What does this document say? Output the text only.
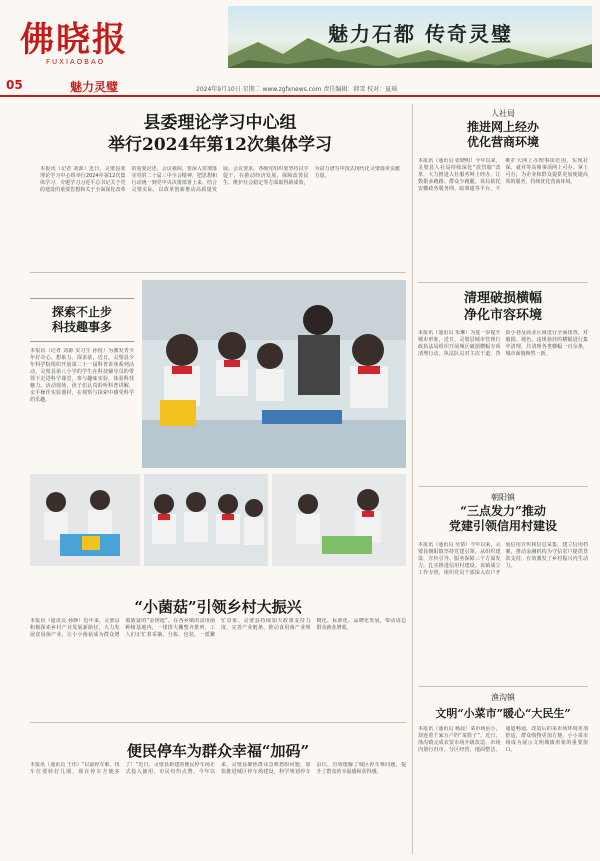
佛晓报
FUXIAOBAO
魅力石都 传奇灵璧
05	魅力灵璧	2024年9月10日 星期二 www.zgfxnews.com 责任编辑：韩雪 校对：夏瑶
县委理论学习中心组
举行2024年第12次集体学习
本报讯（记者 刘源）近日，灵璧县委理论学习中心组举行2024年第12次集体学习，专题学习习近平总书记关于党的建设的重要思想和关于全面深化改革的重要论述。会议强调，要深入贯彻落实党的二十届三中全会精神，把思想和行动统一到党中央决策部署上来，结合灵璧实际，以改革创新推动高质量发展。会议要求，各级党组织要坚持以学促干，在推动经济发展、保障改善民生、维护社会稳定等方面取得新成效，为奋力谱写中国式现代化灵璧篇章贡献力量。
探索不止步
科技趣事多
本报讯（记者 刘源 实习生 孙悦）为激发青少年好奇心、想象力、探求欲，近日，灵璧县少年科学院组织开展第二十一届科普讲座系列活动，灵璧县第八小学的学生在科技辅导员的带领下走进科学课堂，参与趣味实验，体验科技魅力。活动现场，孩子们认真聆听科普讲解，亲手操作实验器材，在观察与探索中感受科学的乐趣。
“小菌菇”引领乡村大振兴
本报讯（通讯员 孙静）近年来，灵璧县积极探索乡村产业发展新路径，大力发展食用菌产业，让小小菌菇成为群众增收致富的“金钥匙”。在各乡镇的食用菌种植基地内，一排排大棚整齐排列，工人们正忙着采摘、分拣、包装，一派繁忙景象。灵璧县持续加大政策支持力度，完善产业链条，推动食用菌产业规模化、标准化、品牌化发展，带动周边群众就业增收。
便民停车为群众幸福“加码”
本报讯（通讯员 王伟）“以前停车难、找车位要转好几圈，现在停车方便多了！”近日，灵璧县新建的便民停车场正式投入使用，市民纷纷点赞。今年以来，灵璧县聚焦群众急难愁盼问题，加快推进城区停车场建设，科学规划停车泊位，有效缓解了城区停车难问题，提升了群众的幸福感和获得感。
人社局
推进网上经办
优化营商环境
本报讯（通讯员 张晓明）今年以来，灵璧县人社局持续深化“放管服”改革，大力推进人社服务网上经办，让数据多跑路、群众少跑腿。该局依托安徽政务服务网、皖事通等平台，不断扩大网上办理事项范围，实现社保、就业等高频事项网上可办、掌上可办，为企业和群众提供更加便捷高效的服务，持续优化营商环境。
清理破损横幅
净化市容环境
本报讯（通讯员 朱琳）为进一步提升城市形象，近日，灵璧县城市管理行政执法局组织开展城区破损横幅专项清理行动。执法队员对主次干道、背街小巷及商业区域进行全面排查，对破损、褪色、违规悬挂的横幅进行集中清理，共清理各类横幅一百余条，城市面貌焕然一新。
朝阳镇
“三点发力”推动
党建引领信用村建设
本报讯（通讯员 吴倩）今年以来，灵璧县朝阳镇坚持党建引领，从组织建设、宣传引导、服务保障三个方面发力，扎实推进信用村建设。该镇成立工作专班，组织党员干部深入农户开展信用宣传和信息采集，建立信用档案，推动金融机构为守信农户提供贷款支持，有效激发了乡村振兴内生动力。
渔沟镇
文明“小菜市”暖心“大民生”
本报讯（通讯员 杨晨）菜市场虽小，却连着千家万户的“菜篮子”。近日，渔沟镇完成农贸市场升级改造，市场内划行归市、分区经营，地面整洁、通道畅通。改造后的菜市场环境更加舒适，群众购物更加方便，小小菜市场成为展示文明城镇形象的重要窗口。
